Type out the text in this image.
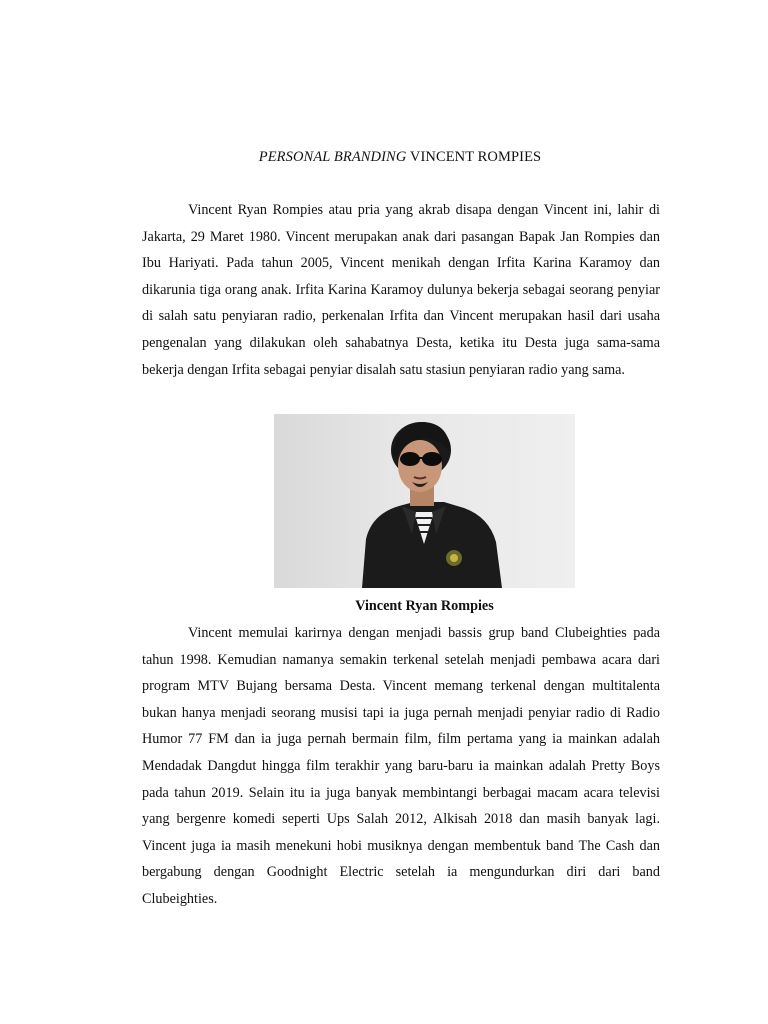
PERSONAL BRANDING VINCENT ROMPIES

Vincent Ryan Rompies atau pria yang akrab disapa dengan Vincent ini, lahir di Jakarta, 29 Maret 1980. Vincent merupakan anak dari pasangan Bapak Jan Rompies dan Ibu Hariyati. Pada tahun 2005, Vincent menikah dengan Irfita Karina Karamoy dan dikarunia tiga orang anak. Irfita Karina Karamoy dulunya bekerja sebagai seorang penyiar di salah satu penyiaran radio, perkenalan Irfita dan Vincent merupakan hasil dari usaha pengenalan yang dilakukan oleh sahabatnya Desta, ketika itu Desta juga sama-sama bekerja dengan Irfita sebagai penyiar disalah satu stasiun penyiaran radio yang sama.

Vincent Ryan Rompies

Vincent memulai karirnya dengan menjadi bassis grup band Clubeighties pada tahun 1998. Kemudian namanya semakin terkenal setelah menjadi pembawa acara dari program MTV Bujang bersama Desta. Vincent memang terkenal dengan multitalenta bukan hanya menjadi seorang musisi tapi ia juga pernah menjadi penyiar radio di Radio Humor 77 FM dan ia juga pernah bermain film, film pertama yang ia mainkan adalah Mendadak Dangdut hingga film terakhir yang baru-baru ia mainkan adalah Pretty Boys pada tahun 2019. Selain itu ia juga banyak membintangi berbagai macam acara televisi yang bergenre komedi seperti Ups Salah 2012, Alkisah 2018 dan masih banyak lagi. Vincent juga ia masih menekuni hobi musiknya dengan membentuk band The Cash dan bergabung dengan Goodnight Electric setelah ia mengundurkan diri dari band Clubeighties.
